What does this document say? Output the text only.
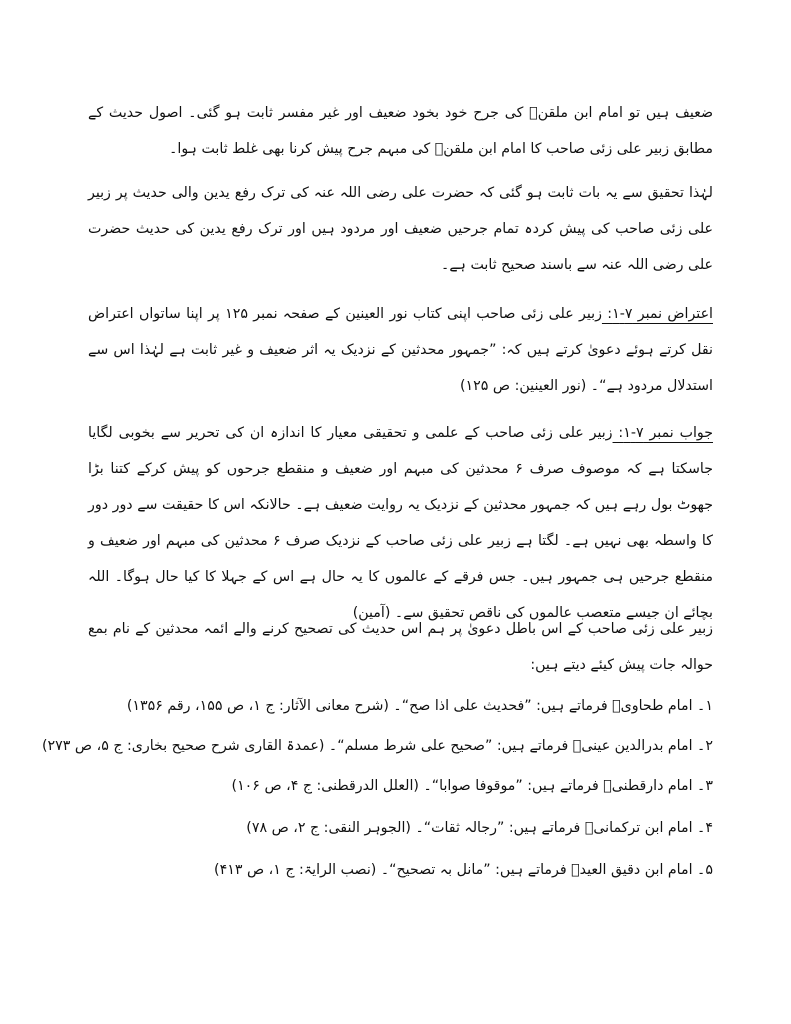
ضعیف ہیں تو امام ابن ملقنؒ کی جرح خود بخود ضعیف اور غیر مفسر ثابت ہو گئی۔ اصول حدیث کے مطابق زبیر علی زئی صاحب کا امام ابن ملقنؒ کی مبہم جرح پیش کرنا بھی غلط ثابت ہوا۔

لہٰذا تحقیق سے یہ بات ثابت ہو گئی کہ حضرت علی رضی اللہ عنہ کی ترک رفع یدین والی حدیث پر زبیر علی زئی صاحب کی پیش کردہ تمام جرحیں ضعیف اور مردود ہیں اور ترک رفع یدین کی حدیث حضرت علی رضی اللہ عنہ سے باسند صحیح ثابت ہے۔

اعتراض نمبر ۷-۱: زبیر علی زئی صاحب اپنی کتاب نور العینین کے صفحہ نمبر ۱۲۵ پر اپنا ساتواں اعتراض نقل کرتے ہوئے دعویٰ کرتے ہیں کہ: ”جمہور محدثین کے نزدیک یہ اثر ضعیف و غیر ثابت ہے لہٰذا اس سے استدلال مردود ہے“۔ (نور العینین: ص ۱۲۵)

جواب نمبر ۷-۱: زبیر علی زئی صاحب کے علمی و تحقیقی معیار کا اندازہ ان کی تحریر سے بخوبی لگایا جاسکتا ہے کہ موصوف صرف ۶ محدثین کی مبہم اور ضعیف و منقطع جرحوں کو پیش کرکے کتنا بڑا جھوٹ بول رہے ہیں کہ جمہور محدثین کے نزدیک یہ روایت ضعیف ہے۔ حالانکہ اس کا حقیقت سے دور دور کا واسطہ بھی نہیں ہے۔ لگتا ہے زبیر علی زئی صاحب کے نزدیک صرف ۶ محدثین کی مبہم اور ضعیف و منقطع جرحیں ہی جمہور ہیں۔ جس فرقے کے عالموں کا یہ حال ہے اس کے جہلا کا کیا حال ہوگا۔ اللہ بچائے ان جیسے متعصب عالموں کی ناقص تحقیق سے۔ (آمین)

زبیر علی زئی صاحب کے اس باطل دعویٰ پر ہم اس حدیث کی تصحیح کرنے والے ائمہ محدثین کے نام بمع حوالہ جات پیش کیئے دیتے ہیں:

۱۔ امام طحاویؒ فرماتے ہیں: ”فحدیث علی اذا صح“۔ (شرح معانی الآثار: ج ۱، ص ۱۵۵، رقم ۱۳۵۶)
۲۔ امام بدرالدین عینیؒ فرماتے ہیں: ”صحیح علی شرط مسلم“۔ (عمدۃ القاری شرح صحیح بخاری: ج ۵، ص ۲۷۳)
۳۔ امام دارقطنیؒ فرماتے ہیں: ”موقوفا صوابا“۔ (العلل الدرقطنی: ج ۴، ص ۱۰۶)
۴۔ امام ابن ترکمانیؒ فرماتے ہیں: ”رجالہ ثقات“۔ (الجوہر النقی: ج ۲، ص ۷۸)
۵۔ امام ابن دقیق العیدؒ فرماتے ہیں: ”مانل بہ تصحیح“۔ (نصب الرایۃ: ج ۱، ص ۴۱۳)
